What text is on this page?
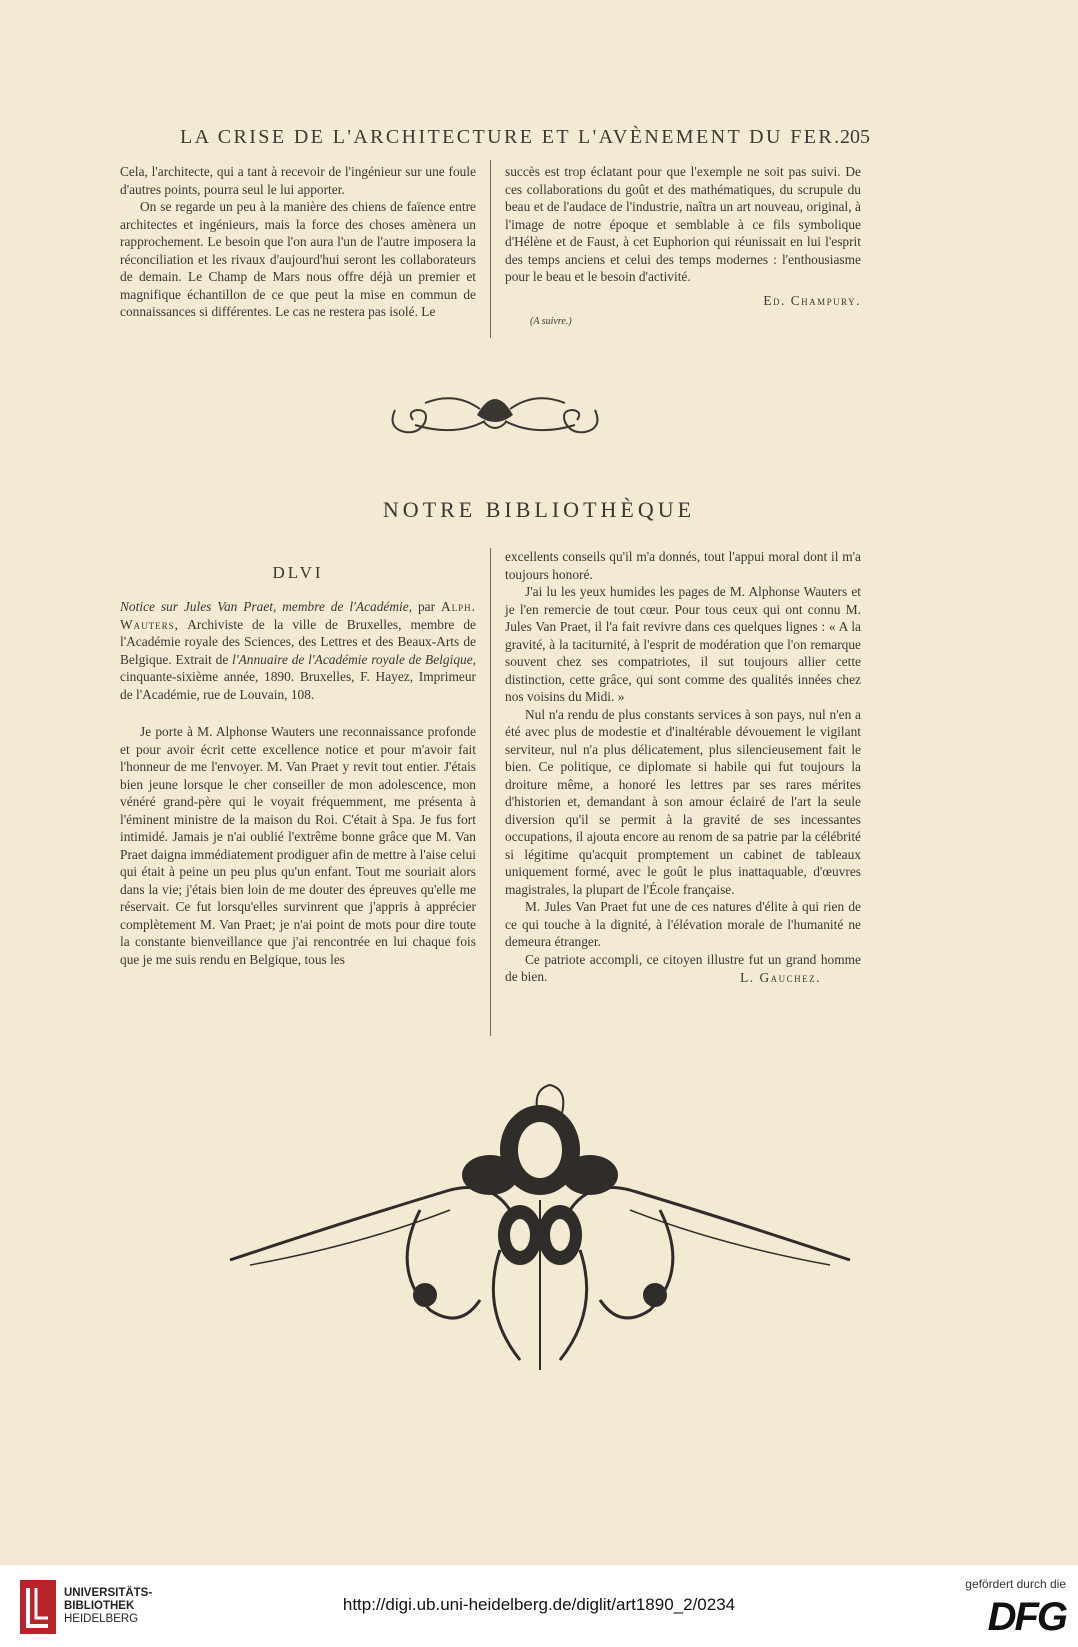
LA CRISE DE L'ARCHITECTURE ET L'AVÈNEMENT DU FER.
205

Cela, l'architecte, qui a tant à recevoir de l'ingénieur sur une foule d'autres points, pourra seul le lui apporter.

On se regarde un peu à la manière des chiens de faïence entre architectes et ingénieurs, mais la force des choses amènera un rapprochement. Le besoin que l'on aura l'un de l'autre imposera la réconciliation et les rivaux d'aujourd'hui seront les collaborateurs de demain. Le Champ de Mars nous offre déjà un premier et magnifique échantillon de ce que peut la mise en commun de connaissances si différentes. Le cas ne restera pas isolé. Le

succès est trop éclatant pour que l'exemple ne soit pas suivi. De ces collaborations du goût et des mathématiques, du scrupule du beau et de l'audace de l'industrie, naîtra un art nouveau, original, à l'image de notre époque et semblable à ce fils symbolique d'Hélène et de Faust, à cet Euphorion qui réunissait en lui l'esprit des temps anciens et celui des temps modernes : l'enthousiasme pour le beau et le besoin d'activité.

Ed. Champury.
(A suivre.)
NOTRE BIBLIOTHÈQUE
DLVI

Notice sur Jules Van Praet, membre de l'Académie, par Alph. Wauters, Archiviste de la ville de Bruxelles, membre de l'Académie royale des Sciences, des Lettres et des Beaux-Arts de Belgique. Extrait de l'Annuaire de l'Académie royale de Belgique, cinquante-sixième année, 1890. Bruxelles, F. Hayez, Imprimeur de l'Académie, rue de Louvain, 108.

Je porte à M. Alphonse Wauters une reconnaissance profonde et pour avoir écrit cette excellence notice et pour m'avoir fait l'honneur de me l'envoyer. M. Van Praet y revit tout entier. J'étais bien jeune lorsque le cher conseiller de mon adolescence, mon vénéré grand-père qui le voyait fréquemment, me présenta à l'éminent ministre de la maison du Roi. C'était à Spa. Je fus fort intimidé. Jamais je n'ai oublié l'extrême bonne grâce que M. Van Praet daigna immédiatement prodiguer afin de mettre à l'aise celui qui était à peine un peu plus qu'un enfant. Tout me souriait alors dans la vie; j'étais bien loin de me douter des épreuves qu'elle me réservait. Ce fut lorsqu'elles survinrent que j'appris à apprécier complètement M. Van Praet; je n'ai point de mots pour dire toute la constante bienveillance que j'ai rencontrée en lui chaque fois que je me suis rendu en Belgique, tous les

excellents conseils qu'il m'a donnés, tout l'appui moral dont il m'a toujours honoré.

J'ai lu les yeux humides les pages de M. Alphonse Wauters et je l'en remercie de tout cœur. Pour tous ceux qui ont connu M. Jules Van Praet, il l'a fait revivre dans ces quelques lignes : « A la gravité, à la taciturnité, à l'esprit de modération que l'on remarque souvent chez ses compatriotes, il sut toujours allier cette distinction, cette grâce, qui sont comme des qualités innées chez nos voisins du Midi. »

Nul n'a rendu de plus constants services à son pays, nul n'en a été avec plus de modestie et d'inaltérable dévouement le vigilant serviteur, nul n'a plus délicatement, plus silencieusement fait le bien. Ce politique, ce diplomate si habile qui fut toujours la droiture même, a honoré les lettres par ses rares mérites d'historien et, demandant à son amour éclairé de l'art la seule diversion qu'il se permit à la gravité de ses incessantes occupations, il ajouta encore au renom de sa patrie par la célébrité si légitime qu'acquit promptement un cabinet de tableaux uniquement formé, avec le goût le plus inattaquable, d'œuvres magistrales, la plupart de l'École française.

M. Jules Van Praet fut une de ces natures d'élite à qui rien de ce qui touche à la dignité, à l'élévation morale de l'humanité ne demeura étranger.

Ce patriote accompli, ce citoyen illustre fut un grand homme de bien.	L. Gauchez.
UNIVERSITÄTS-
BIBLIOTHEK
HEIDELBERG
http://digi.ub.uni-heidelberg.de/diglit/art1890_2/0234
gefördert durch die
DFG
